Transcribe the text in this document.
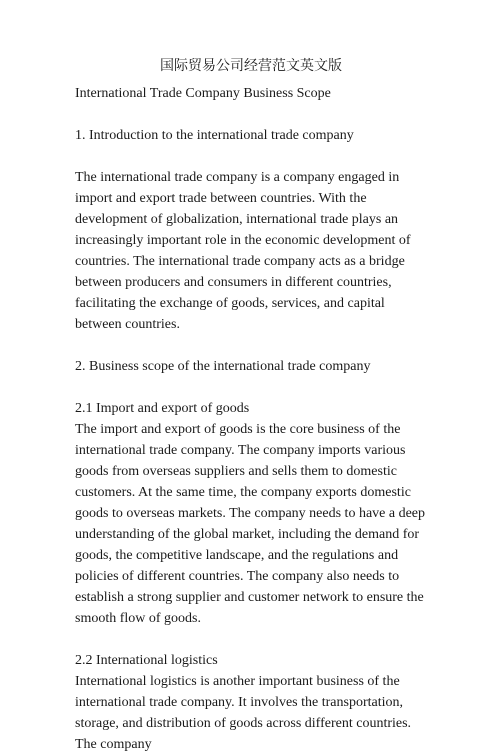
国际贸易公司经营范文英文版

International Trade Company Business Scope

1. Introduction to the international trade company

The international trade company is a company engaged in import and export trade between countries. With the development of globalization, international trade plays an increasingly important role in the economic development of countries. The international trade company acts as a bridge between producers and consumers in different countries, facilitating the exchange of goods, services, and capital between countries.

2. Business scope of the international trade company

2.1 Import and export of goods

The import and export of goods is the core business of the international trade company. The company imports various goods from overseas suppliers and sells them to domestic customers. At the same time, the company exports domestic goods to overseas markets. The company needs to have a deep understanding of the global market, including the demand for goods, the competitive landscape, and the regulations and policies of different countries. The company also needs to establish a strong supplier and customer network to ensure the smooth flow of goods.

2.2 International logistics

International logistics is another important business of the international trade company. It involves the transportation, storage, and distribution of goods across different countries. The company
